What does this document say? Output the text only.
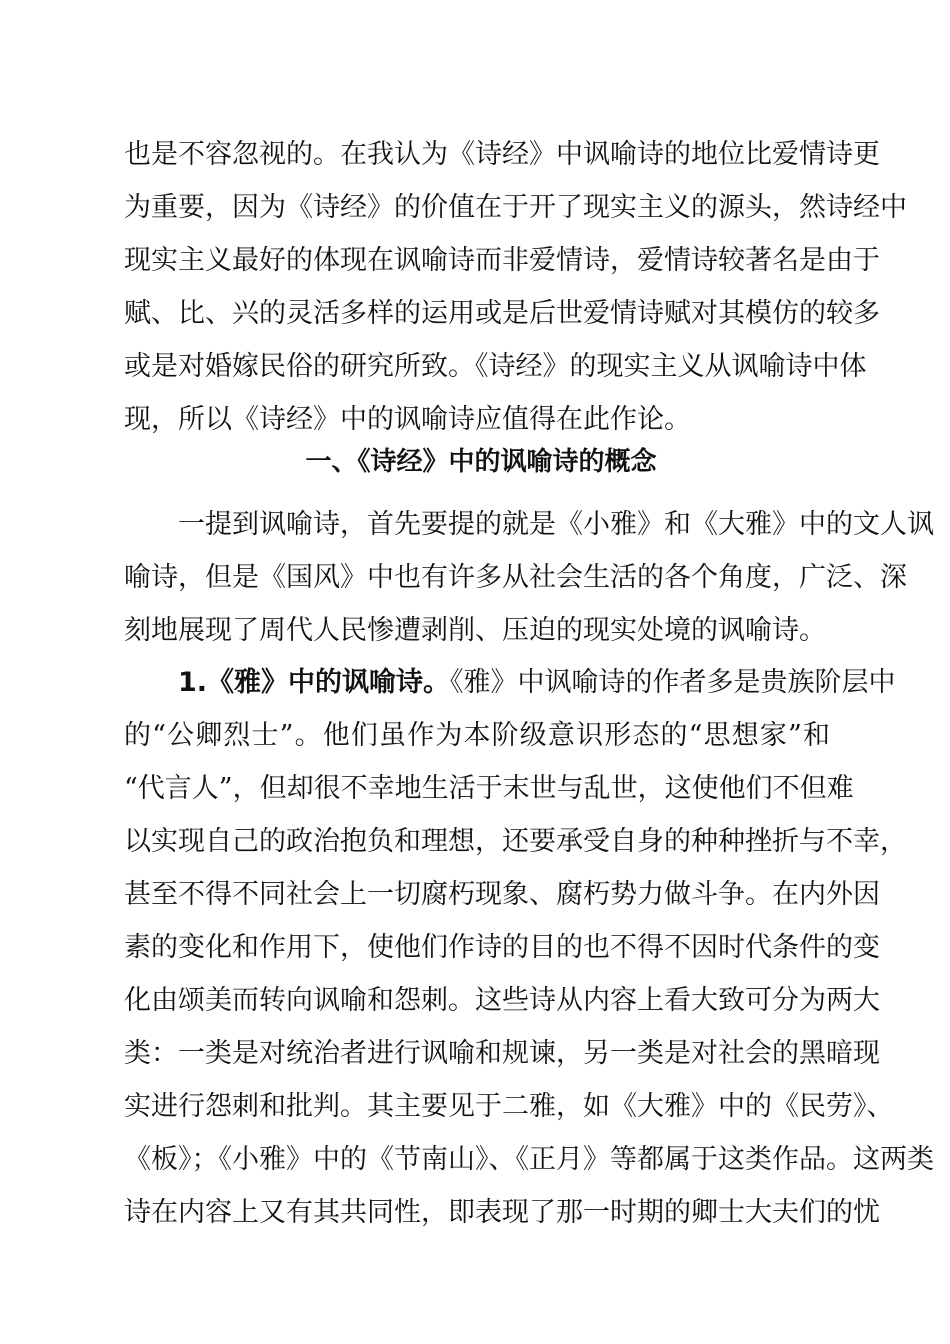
也是不容忽视的。在我认为《诗经》中讽喻诗的地位比爱情诗更
为重要，因为《诗经》的价值在于开了现实主义的源头，然诗经中
现实主义最好的体现在讽喻诗而非爱情诗，爱情诗较著名是由于
赋、比、兴的灵活多样的运用或是后世爱情诗赋对其模仿的较多
或是对婚嫁民俗的研究所致。《诗经》的现实主义从讽喻诗中体
现，所以《诗经》中的讽喻诗应值得在此作论。
一、《诗经》中的讽喻诗的概念
一提到讽喻诗，首先要提的就是《小雅》和《大雅》中的文人讽
喻诗，但是《国风》中也有许多从社会生活的各个角度，广泛、深
刻地展现了周代人民惨遭剥削、压迫的现实处境的讽喻诗。
1.《雅》中的讽喻诗。《雅》中讽喻诗的作者多是贵族阶层中
的“公卿烈士”。他们虽作为本阶级意识形态的“思想家”和
“代言人”，但却很不幸地生活于末世与乱世，这使他们不但难
以实现自己的政治抱负和理想，还要承受自身的种种挫折与不幸，
甚至不得不同社会上一切腐朽现象、腐朽势力做斗争。在内外因
素的变化和作用下，使他们作诗的目的也不得不因时代条件的变
化由颂美而转向讽喻和怨刺。这些诗从内容上看大致可分为两大
类：一类是对统治者进行讽喻和规谏，另一类是对社会的黑暗现
实进行怨刺和批判。其主要见于二雅，如《大雅》中的《民劳》、
《板》；《小雅》中的《节南山》、《正月》等都属于这类作品。这两类
诗在内容上又有其共同性，即表现了那一时期的卿士大夫们的忧
